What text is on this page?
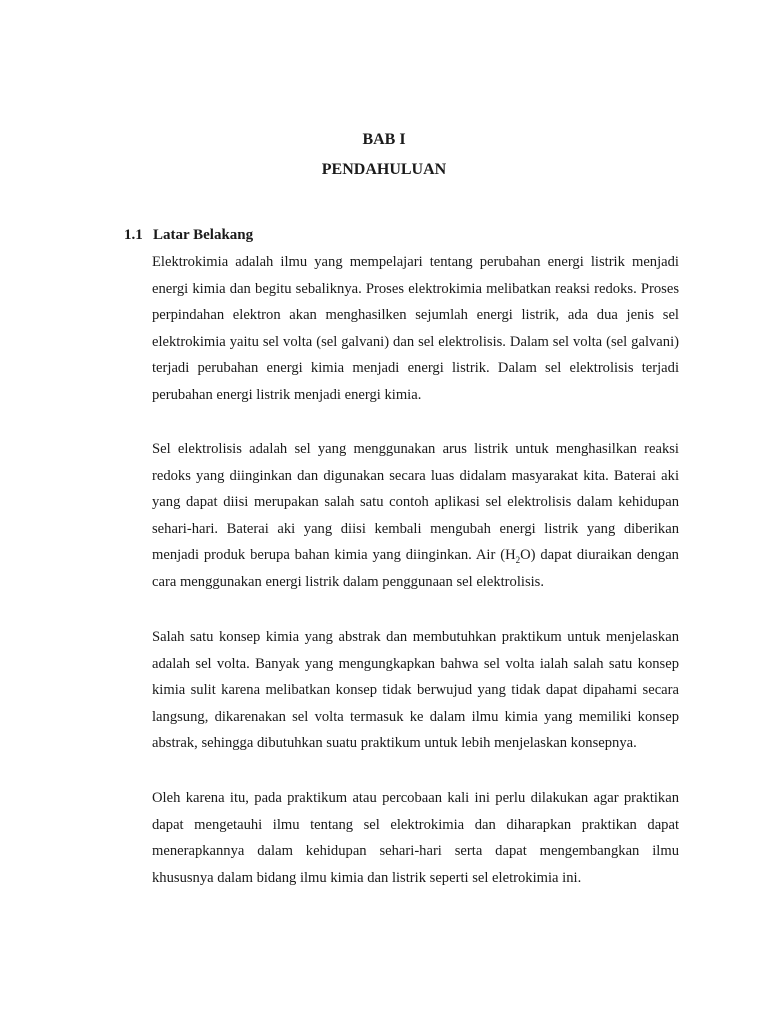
BAB I
PENDAHULUAN
1.1 Latar Belakang

Elektrokimia adalah ilmu yang mempelajari tentang perubahan energi listrik menjadi energi kimia dan begitu sebaliknya. Proses elektrokimia melibatkan reaksi redoks. Proses perpindahan elektron akan menghasilken sejumlah energi listrik, ada dua jenis sel elektrokimia yaitu sel volta (sel galvani) dan sel elektrolisis. Dalam sel volta (sel galvani) terjadi perubahan energi kimia menjadi energi listrik. Dalam sel elektrolisis terjadi perubahan energi listrik menjadi energi kimia.

Sel elektrolisis adalah sel yang menggunakan arus listrik untuk menghasilkan reaksi redoks yang diinginkan dan digunakan secara luas didalam masyarakat kita. Baterai aki yang dapat diisi merupakan salah satu contoh aplikasi sel elektrolisis dalam kehidupan sehari-hari. Baterai aki yang diisi kembali mengubah energi listrik yang diberikan menjadi produk berupa bahan kimia yang diinginkan. Air $(H_2O)$ dapat diuraikan dengan cara menggunakan energi listrik dalam penggunaan sel elektrolisis.

Salah satu konsep kimia yang abstrak dan membutuhkan praktikum untuk menjelaskan adalah sel volta. Banyak yang mengungkapkan bahwa sel volta ialah salah satu konsep kimia sulit karena melibatkan konsep tidak berwujud yang tidak dapat dipahami secara langsung, dikarenakan sel volta termasuk ke dalam ilmu kimia yang memiliki konsep abstrak, sehingga dibutuhkan suatu praktikum untuk lebih menjelaskan konsepnya.

Oleh karena itu, pada praktikum atau percobaan kali ini perlu dilakukan agar praktikan dapat mengetauhi ilmu tentang sel elektrokimia dan diharapkan praktikan dapat menerapkannya dalam kehidupan sehari-hari serta dapat mengembangkan ilmu khususnya dalam bidang ilmu kimia dan listrik seperti sel eletrokimia ini.
